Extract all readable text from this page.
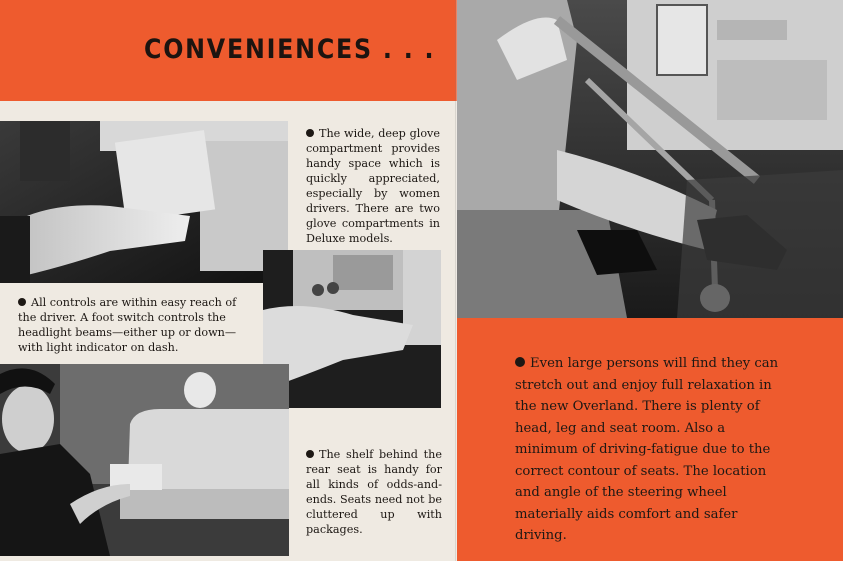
CONVENIENCES . . .
The wide, deep glove compartment provides handy space which is quickly appreciated, especially by women drivers. There are two glove compartments in Deluxe models.
All controls are within easy reach of the driver. A foot switch controls the headlight beams—either up or down—with light indicator on dash.
The shelf behind the rear seat is handy for all kinds of odds-and-ends. Seats need not be cluttered up with packages.
Even large persons will find they can stretch out and enjoy full relaxation in the new Overland. There is plenty of head, leg and seat room. Also a minimum of driving-fatigue due to the correct contour of seats. The location and angle of the steering wheel materially aids comfort and safer driving.
